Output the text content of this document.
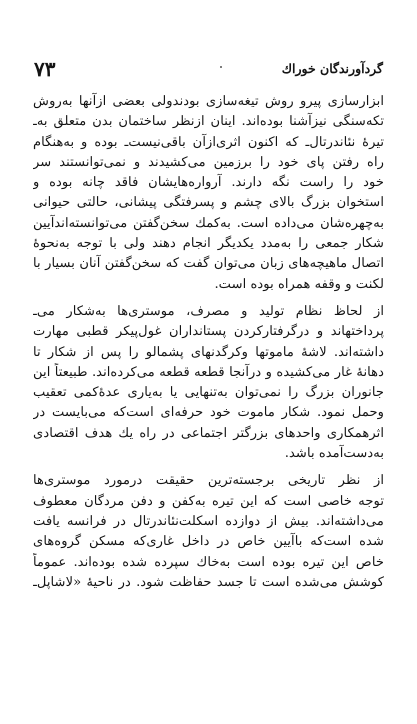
۷۳	گردآورندگان خوراك
ابزارسازی پیرو روش تیغه‌سازی بودندولی بعضی ازآنها به‌روش
تکه‌سنگی نیزآشنا بوده‌اند. اینان ازنظر ساختمان بدن متعلق به‌ـ
تیرهٔ نئاندرتال‌ـ که اکنون اثری‌ازآن باقی‌نیست‌ـ بوده و به‌هنگام
راه رفتن پای خود را برزمین می‌کشیدند و نمی‌توانستند سر
خود را راست نگه دارند. آرواره‌هایشان فاقد چانه بوده و
استخوان بزرگ بالای چشم و پسرفتگی پیشانی، حالتی حیوانی
به‌چهره‌شان می‌داده است. به‌کمك سخن‌گفتن می‌توانسته‌اندآیین
شکار جمعی را به‌مدد یکدیگر انجام دهند ولی با توجه به‌نحوهٔ
اتصال ماهیچه‌های زبان می‌توان گفت که سخن‌گفتن آنان بسیار با
لکنت و وقفه همراه بوده است.
از لحاظ نظام تولید و مصرف، موستری‌ها به‌شکار می‌ـ
پرداختهاند و درگرفتارکردن پستانداران غول‌پیکر قطبی مهارت
داشته‌اند. لاشهٔ ماموتها وکرگدنهای پشمالو را پس از شکار تا
دهانهٔ غار می‌کشیده و درآنجا قطعه قطعه می‌کرده‌اند. طبیعتاً این
جانوران بزرگ را نمی‌توان به‌تنهایی یا به‌یاری عدهٔ‌کمی تعقیب
وحمل نمود. شکار ماموت خود حرفه‌ای است‌که می‌بایست در
اثرهمکاری واحدهای بزرگتر اجتماعی در راه یك هدف اقتصادی
به‌دست‌آمده باشد.
از نظر تاریخی برجسته‌ترین حقیقت درمورد موستری‌ها
توجه خاصی است که این تیره به‌کفن و دفن مردگان معطوف
می‌داشته‌اند. بیش از دوازده اسکلت‌نئاندرتال در فرانسه یافت
شده است‌که باآیین خاص در داخل غاری‌که مسکن گروه‌های
خاص این تیره بوده است به‌خاك سپرده شده بوده‌اند. عموماً
کوشش می‌شده است تا جسد حفاظت شود. در ناحیهٔ «لاشاپل‌ـ
